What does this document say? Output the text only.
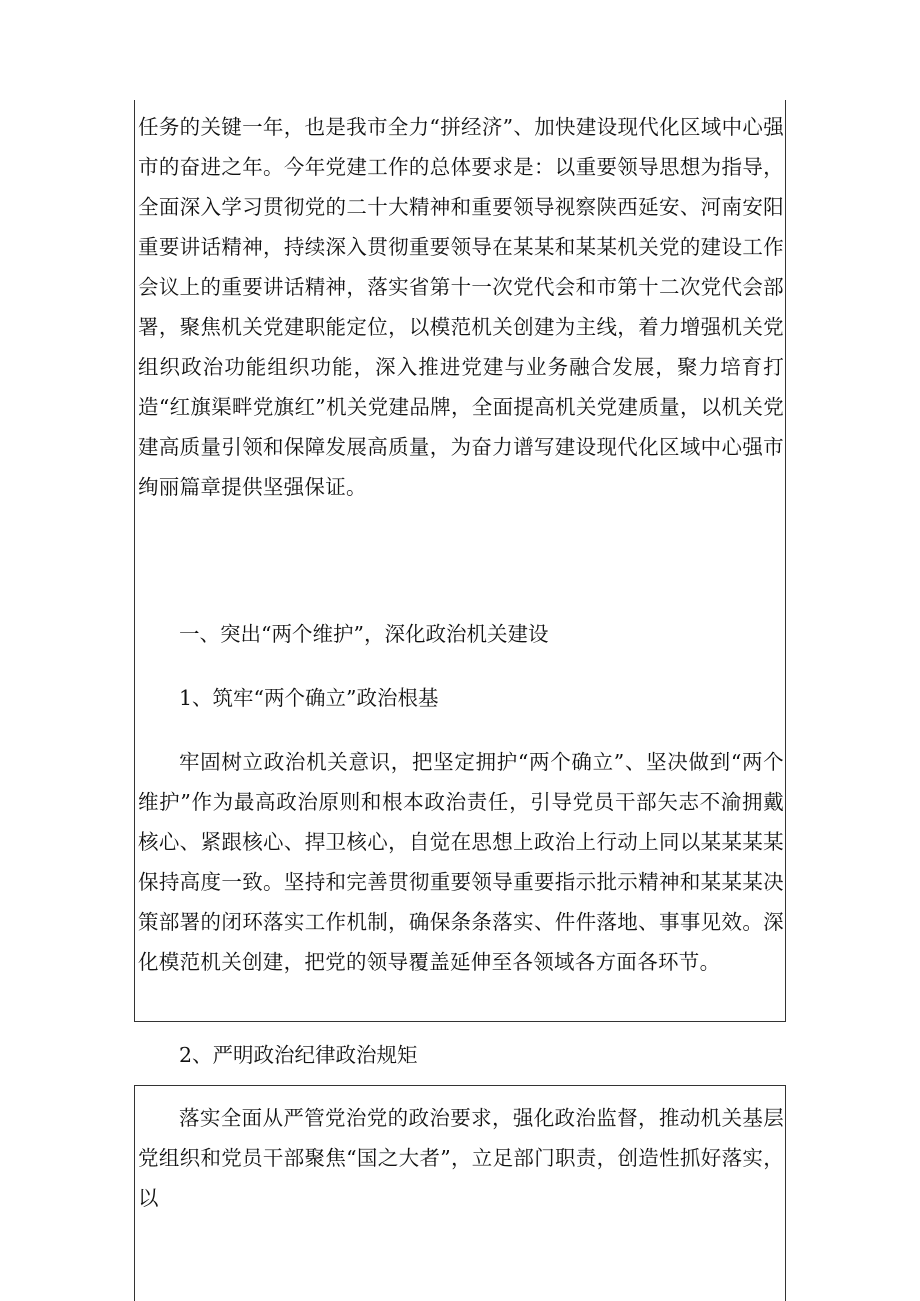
任务的关键一年，也是我市全力“拼经济”、加快建设现代化区域中心强市的奋进之年。今年党建工作的总体要求是：以重要领导思想为指导，全面深入学习贯彻党的二十大精神和重要领导视察陕西延安、河南安阳重要讲话精神，持续深入贯彻重要领导在某某和某某机关党的建设工作会议上的重要讲话精神，落实省第十一次党代会和市第十二次党代会部署，聚焦机关党建职能定位，以模范机关创建为主线，着力增强机关党组织政治功能组织功能，深入推进党建与业务融合发展，聚力培育打造“红旗渠畔党旗红”机关党建品牌，全面提高机关党建质量，以机关党建高质量引领和保障发展高质量，为奋力谱写建设现代化区域中心强市绚丽篇章提供坚强保证。

一、突出“两个维护”，深化政治机关建设

1、筑牢“两个确立”政治根基

牢固树立政治机关意识，把坚定拥护“两个确立”、坚决做到“两个维护”作为最高政治原则和根本政治责任，引导党员干部矢志不渝拥戴核心、紧跟核心、捍卫核心，自觉在思想上政治上行动上同以某某某某保持高度一致。坚持和完善贯彻重要领导重要指示批示精神和某某某决策部署的闭环落实工作机制，确保条条落实、件件落地、事事见效。深化模范机关创建，把党的领导覆盖延伸至各领域各方面各环节。

2、严明政治纪律政治规矩

落实全面从严管党治党的政治要求，强化政治监督，推动机关基层党组织和党员干部聚焦“国之大者”，立足部门职责，创造性抓好落实，以
